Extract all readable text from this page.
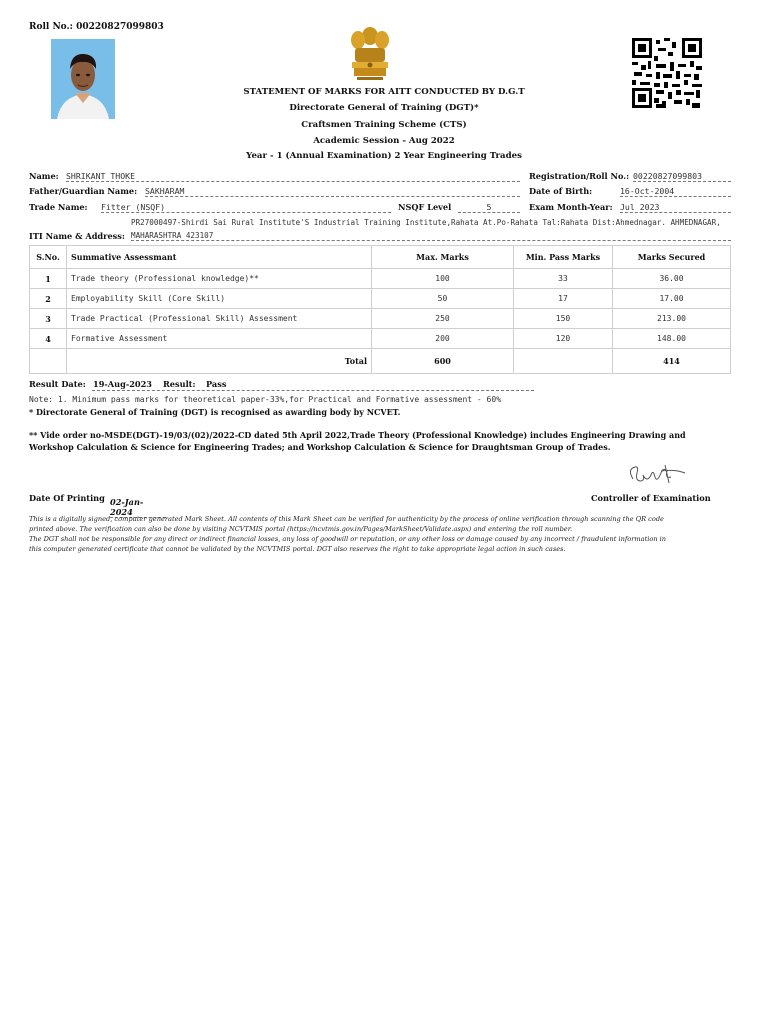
Roll No.: 00220827099803
STATEMENT OF MARKS FOR AITT CONDUCTED BY D.G.T
Directorate General of Training (DGT)*
Craftsmen Training Scheme (CTS)
Academic Session - Aug 2022
Year - 1 (Annual Examination) 2 Year Engineering Trades
Name: SHRIKANT THOKE	Registration/Roll No.: 00220827099803
Father/Guardian Name: SAKHARAM	Date of Birth:	16-Oct-2004
Trade Name: Fitter (NSQF)	NSQF Level	5	Exam Month-Year: Jul 2023
PR27000497-Shirdi Sai Rural Institute'S Industrial Training Institute,Rahata At.Po-Rahata Tal:Rahata Dist:Ahmednagar. AHMEDNAGAR,
ITI Name & Address: MAHARASHTRA 423107
S.No.	Summative Assessmant	Max. Marks	Min. Pass Marks	Marks Secured
1	Trade theory (Professional knowledge)**	100	33	36.00
2	Employability Skill (Core Skill)	50	17	17.00
3	Trade Practical (Professional Skill) Assessment	250	150	213.00
4	Formative Assessment	200	120	148.00
	Total	600		414
Result Date: 19-Aug-2023 Result: Pass
Note: 1. Minimum pass marks for theoretical paper-33%,for Practical and Formative assessment - 60%
* Directorate General of Training (DGT) is recognised as awarding body by NCVET.
** Vide order no-MSDE(DGT)-19/03/(02)/2022-CD dated 5th April 2022,Trade Theory (Professional Knowledge) includes Engineering Drawing and
Workshop Calculation & Science for Engineering Trades; and Workshop Calculation & Science for Draughtsman Group of Trades.
Date Of Printing 02-Jan-2024
Controller of Examination
This is a digitally signed, computer generated Mark Sheet. All contents of this Mark Sheet can be verified for authenticity by the process of online verification through scanning the QR code
printed above. The verification can also be done by visiting NCVTMIS portal (https://ncvtmis.gov.in/Pages/MarkSheet/Validate.aspx) and entering the roll number.
The DGT shall not be responsible for any direct or indirect financial losses, any loss of goodwill or reputation, or any other loss or damage caused by any incorrect / fraudulent information in
this computer generated certificate that cannot be validated by the NCVTMIS portal. DGT also reserves the right to take appropriate legal action in such cases.
